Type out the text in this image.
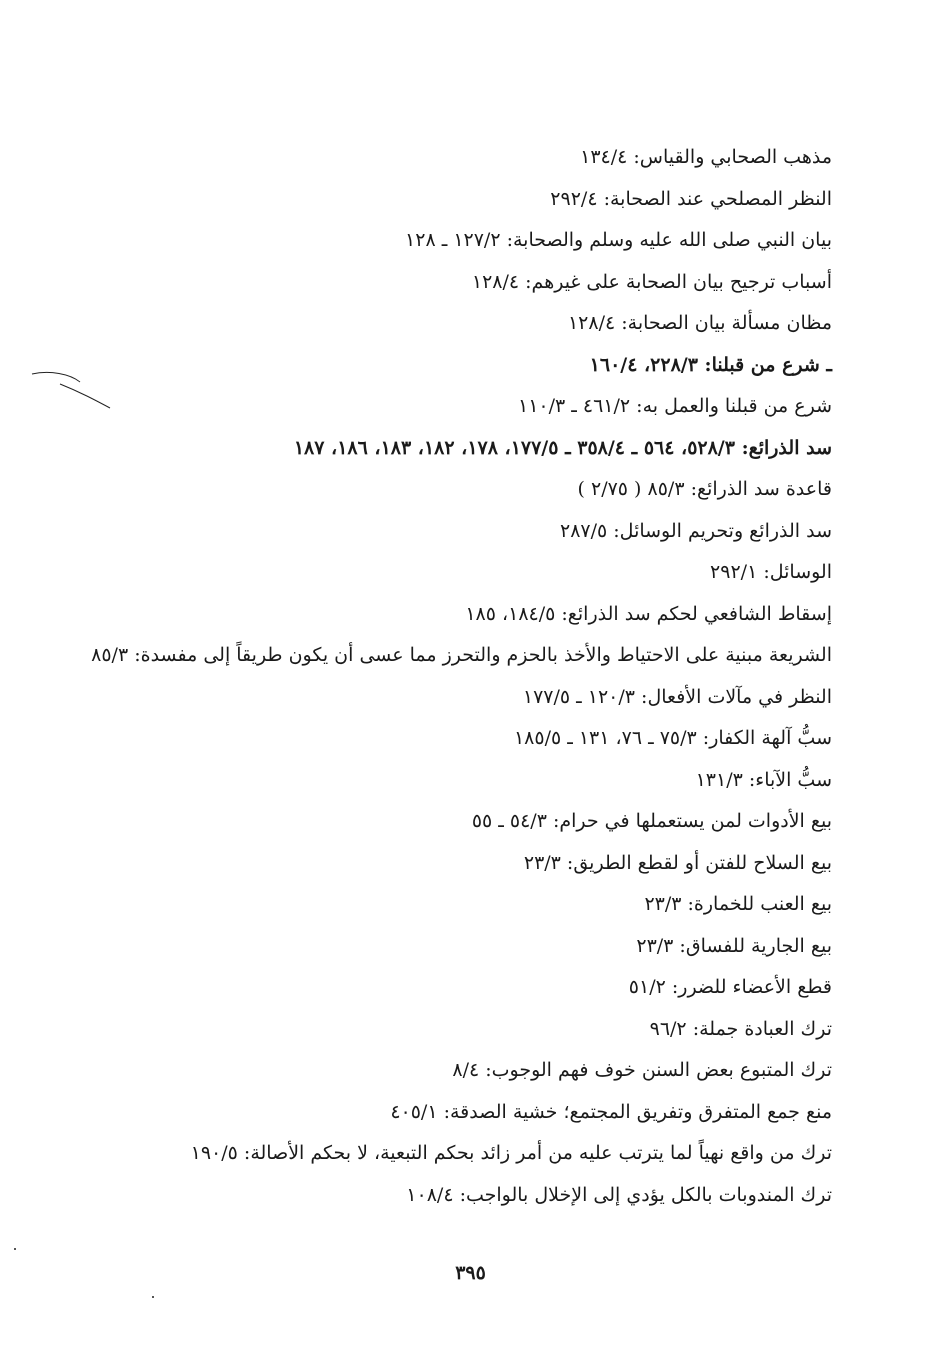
مذهب الصحابي والقياس: ١٣٤/٤
النظر المصلحي عند الصحابة: ٢٩٢/٤
بيان النبي صلى الله عليه وسلم والصحابة: ١٢٧/٢ ـ ١٢٨
أسباب ترجيح بيان الصحابة على غيرهم: ١٢٨/٤
مظان مسألة بيان الصحابة: ١٢٨/٤
ـ شرع من قبلنا: ٢٢٨/٣، ١٦٠/٤
شرع من قبلنا والعمل به: ٤٦١/٢ ـ ١١٠/٣
سد الذرائع: ٥٢٨/٣، ٥٦٤ ـ ٣٥٨/٤ ـ ١٧٧/٥، ١٧٨، ١٨٢، ١٨٣، ١٨٦، ١٨٧
قاعدة سد الذرائع: ٨٥/٣ ( ٢/٧٥ )
سد الذرائع وتحريم الوسائل: ٢٨٧/٥
الوسائل: ٢٩٢/١
إسقاط الشافعي لحكم سد الذرائع: ١٨٤/٥، ١٨٥
الشريعة مبنية على الاحتياط والأخذ بالحزم والتحرز مما عسى أن يكون طريقاً إلى مفسدة: ٨٥/٣
النظر في مآلات الأفعال: ١٢٠/٣ ـ ١٧٧/٥
سبُّ آلهة الكفار: ٧٥/٣ ـ ٧٦، ١٣١ ـ ١٨٥/٥
سبُّ الآباء: ١٣١/٣
بيع الأدوات لمن يستعملها في حرام: ٥٤/٣ ـ ٥٥
بيع السلاح للفتن أو لقطع الطريق: ٢٣/٣
بيع العنب للخمارة: ٢٣/٣
بيع الجارية للفساق: ٢٣/٣
قطع الأعضاء للضرر: ٥١/٢
ترك العبادة جملة: ٩٦/٢
ترك المتبوع بعض السنن خوف فهم الوجوب: ٨/٤
منع جمع المتفرق وتفريق المجتمع؛ خشية الصدقة: ٤٠٥/١
ترك من واقع نهياً لما يترتب عليه من أمر زائد بحكم التبعية، لا بحكم الأصالة: ١٩٠/٥
ترك المندوبات بالكل يؤدي إلى الإخلال بالواجب: ١٠٨/٤
٣٩٥
